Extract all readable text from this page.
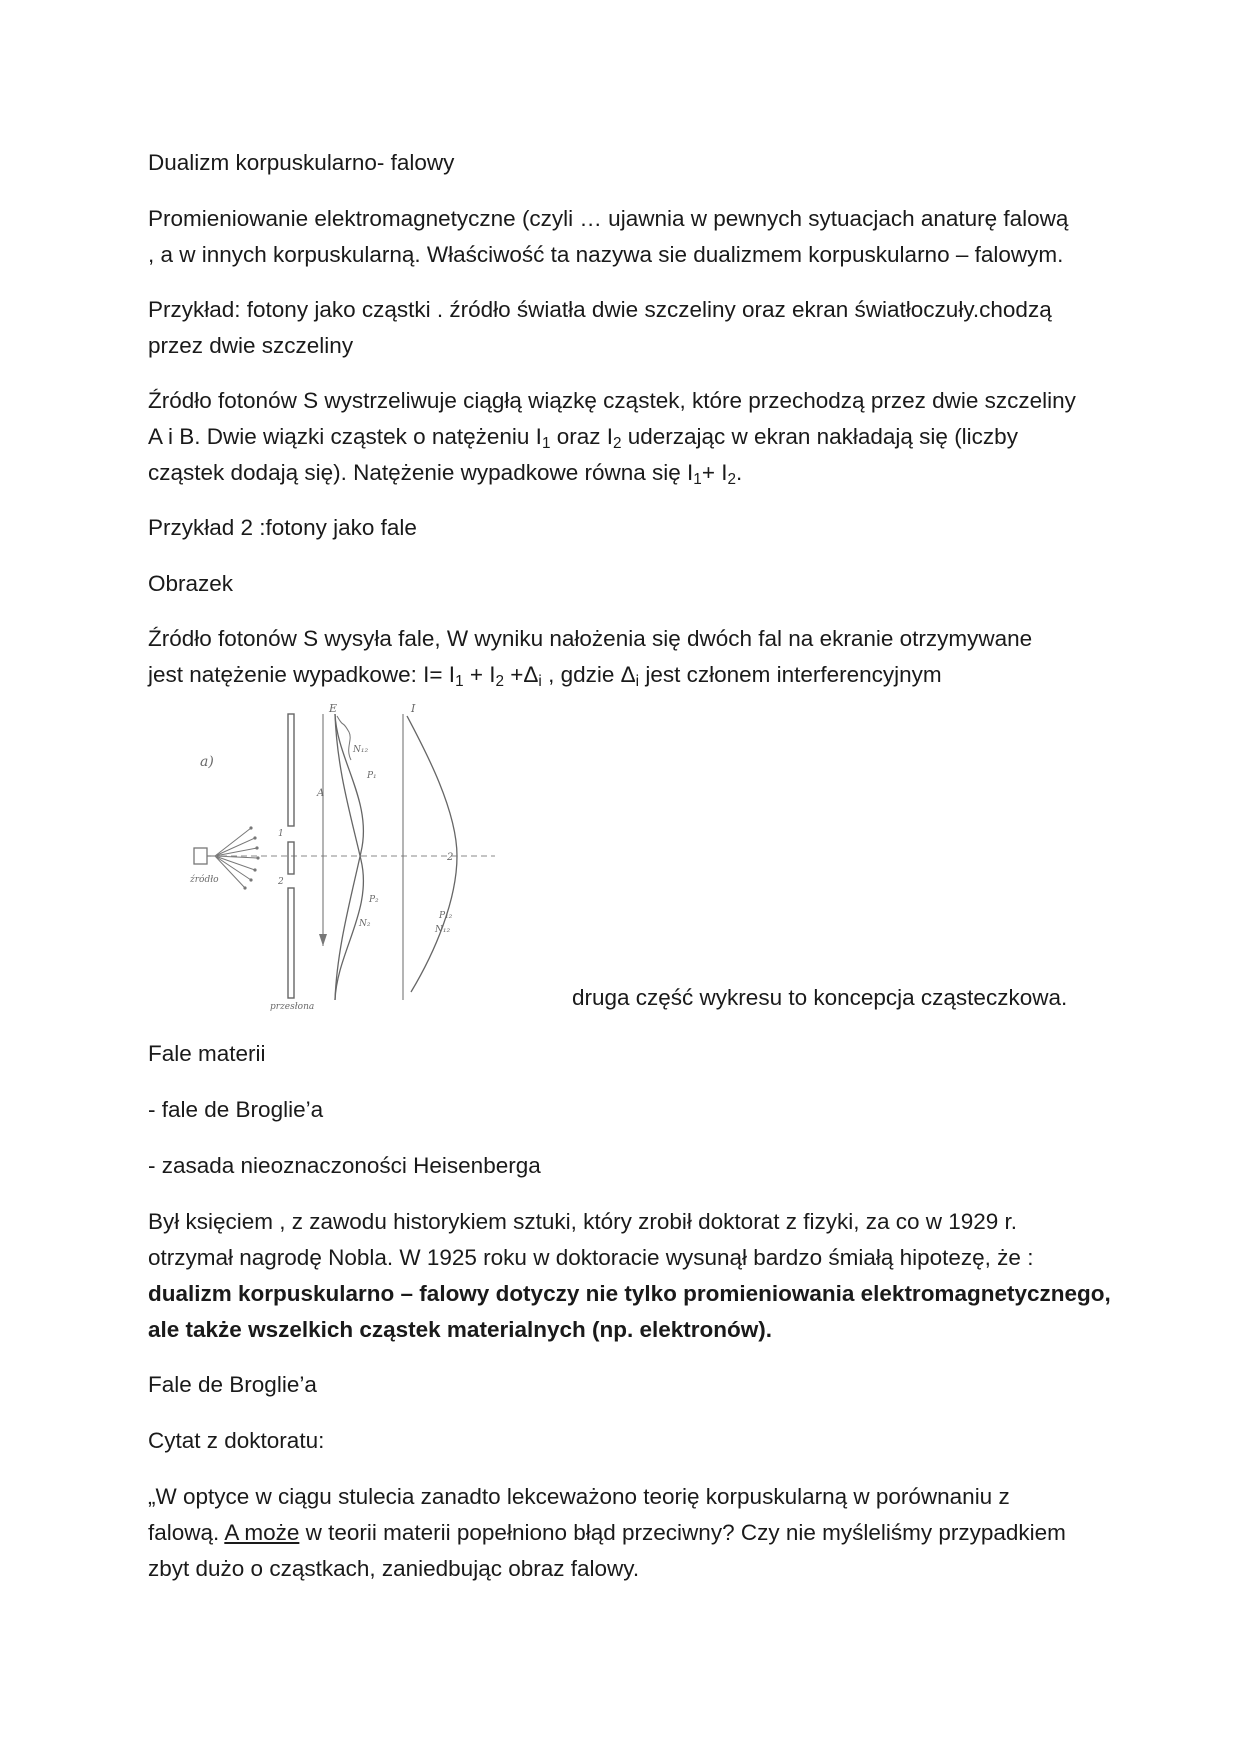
Dualizm korpuskularno- falowy

Promieniowanie elektromagnetyczne (czyli … ujawnia w pewnych sytuacjach anaturę falową

, a w innych korpuskularną. Właściwość ta nazywa sie dualizmem korpuskularno – falowym.

Przykład: fotony jako cząstki . źródło światła dwie szczeliny oraz ekran światłoczuły.chodzą

przez dwie szczeliny

Źródło fotonów S wystrzeliwuje ciągłą wiązkę cząstek, które przechodzą przez dwie szczeliny

A i B. Dwie wiązki cząstek o natężeniu $I_1$ oraz $I_2$ uderzając w ekran nakładają się (liczby

cząstek dodają się). Natężenie wypadkowe równa się $I_1+ I_2$.

Przykład 2 :fotony jako fale

Obrazek

Źródło fotonów S wysyła fale, W wyniku nałożenia się dwóch fal na ekranie otrzymywane

jest natężenie wypadkowe: $I= I_1 + I_2 +\Delta_i$ , gdzie $\Delta_i$ jest członem interferencyjnym

a)
źródło
1
2
przesłona
E
A
N₁₂
P₁
P₂
N₂
I
2
P₁₂
N₁₂

druga część wykresu to koncepcja cząsteczkowa.

Fale materii

- fale de Broglie’a

- zasada nieoznaczoności Heisenberga

Był księciem , z zawodu historykiem sztuki, który zrobił doktorat z fizyki, za co w 1929 r.

otrzymał nagrodę Nobla. W 1925 roku w doktoracie wysunął bardzo śmiałą hipotezę, że :

dualizm korpuskularno – falowy dotyczy nie tylko promieniowania elektromagnetycznego,

ale także wszelkich cząstek materialnych (np. elektronów).

Fale de Broglie’a

Cytat z doktoratu:

„W optyce w ciągu stulecia zanadto lekceważono teorię korpuskularną w porównaniu z

falową. A może w teorii materii popełniono błąd przeciwny? Czy nie myśleliśmy przypadkiem

zbyt dużo o cząstkach, zaniedbując obraz falowy.
